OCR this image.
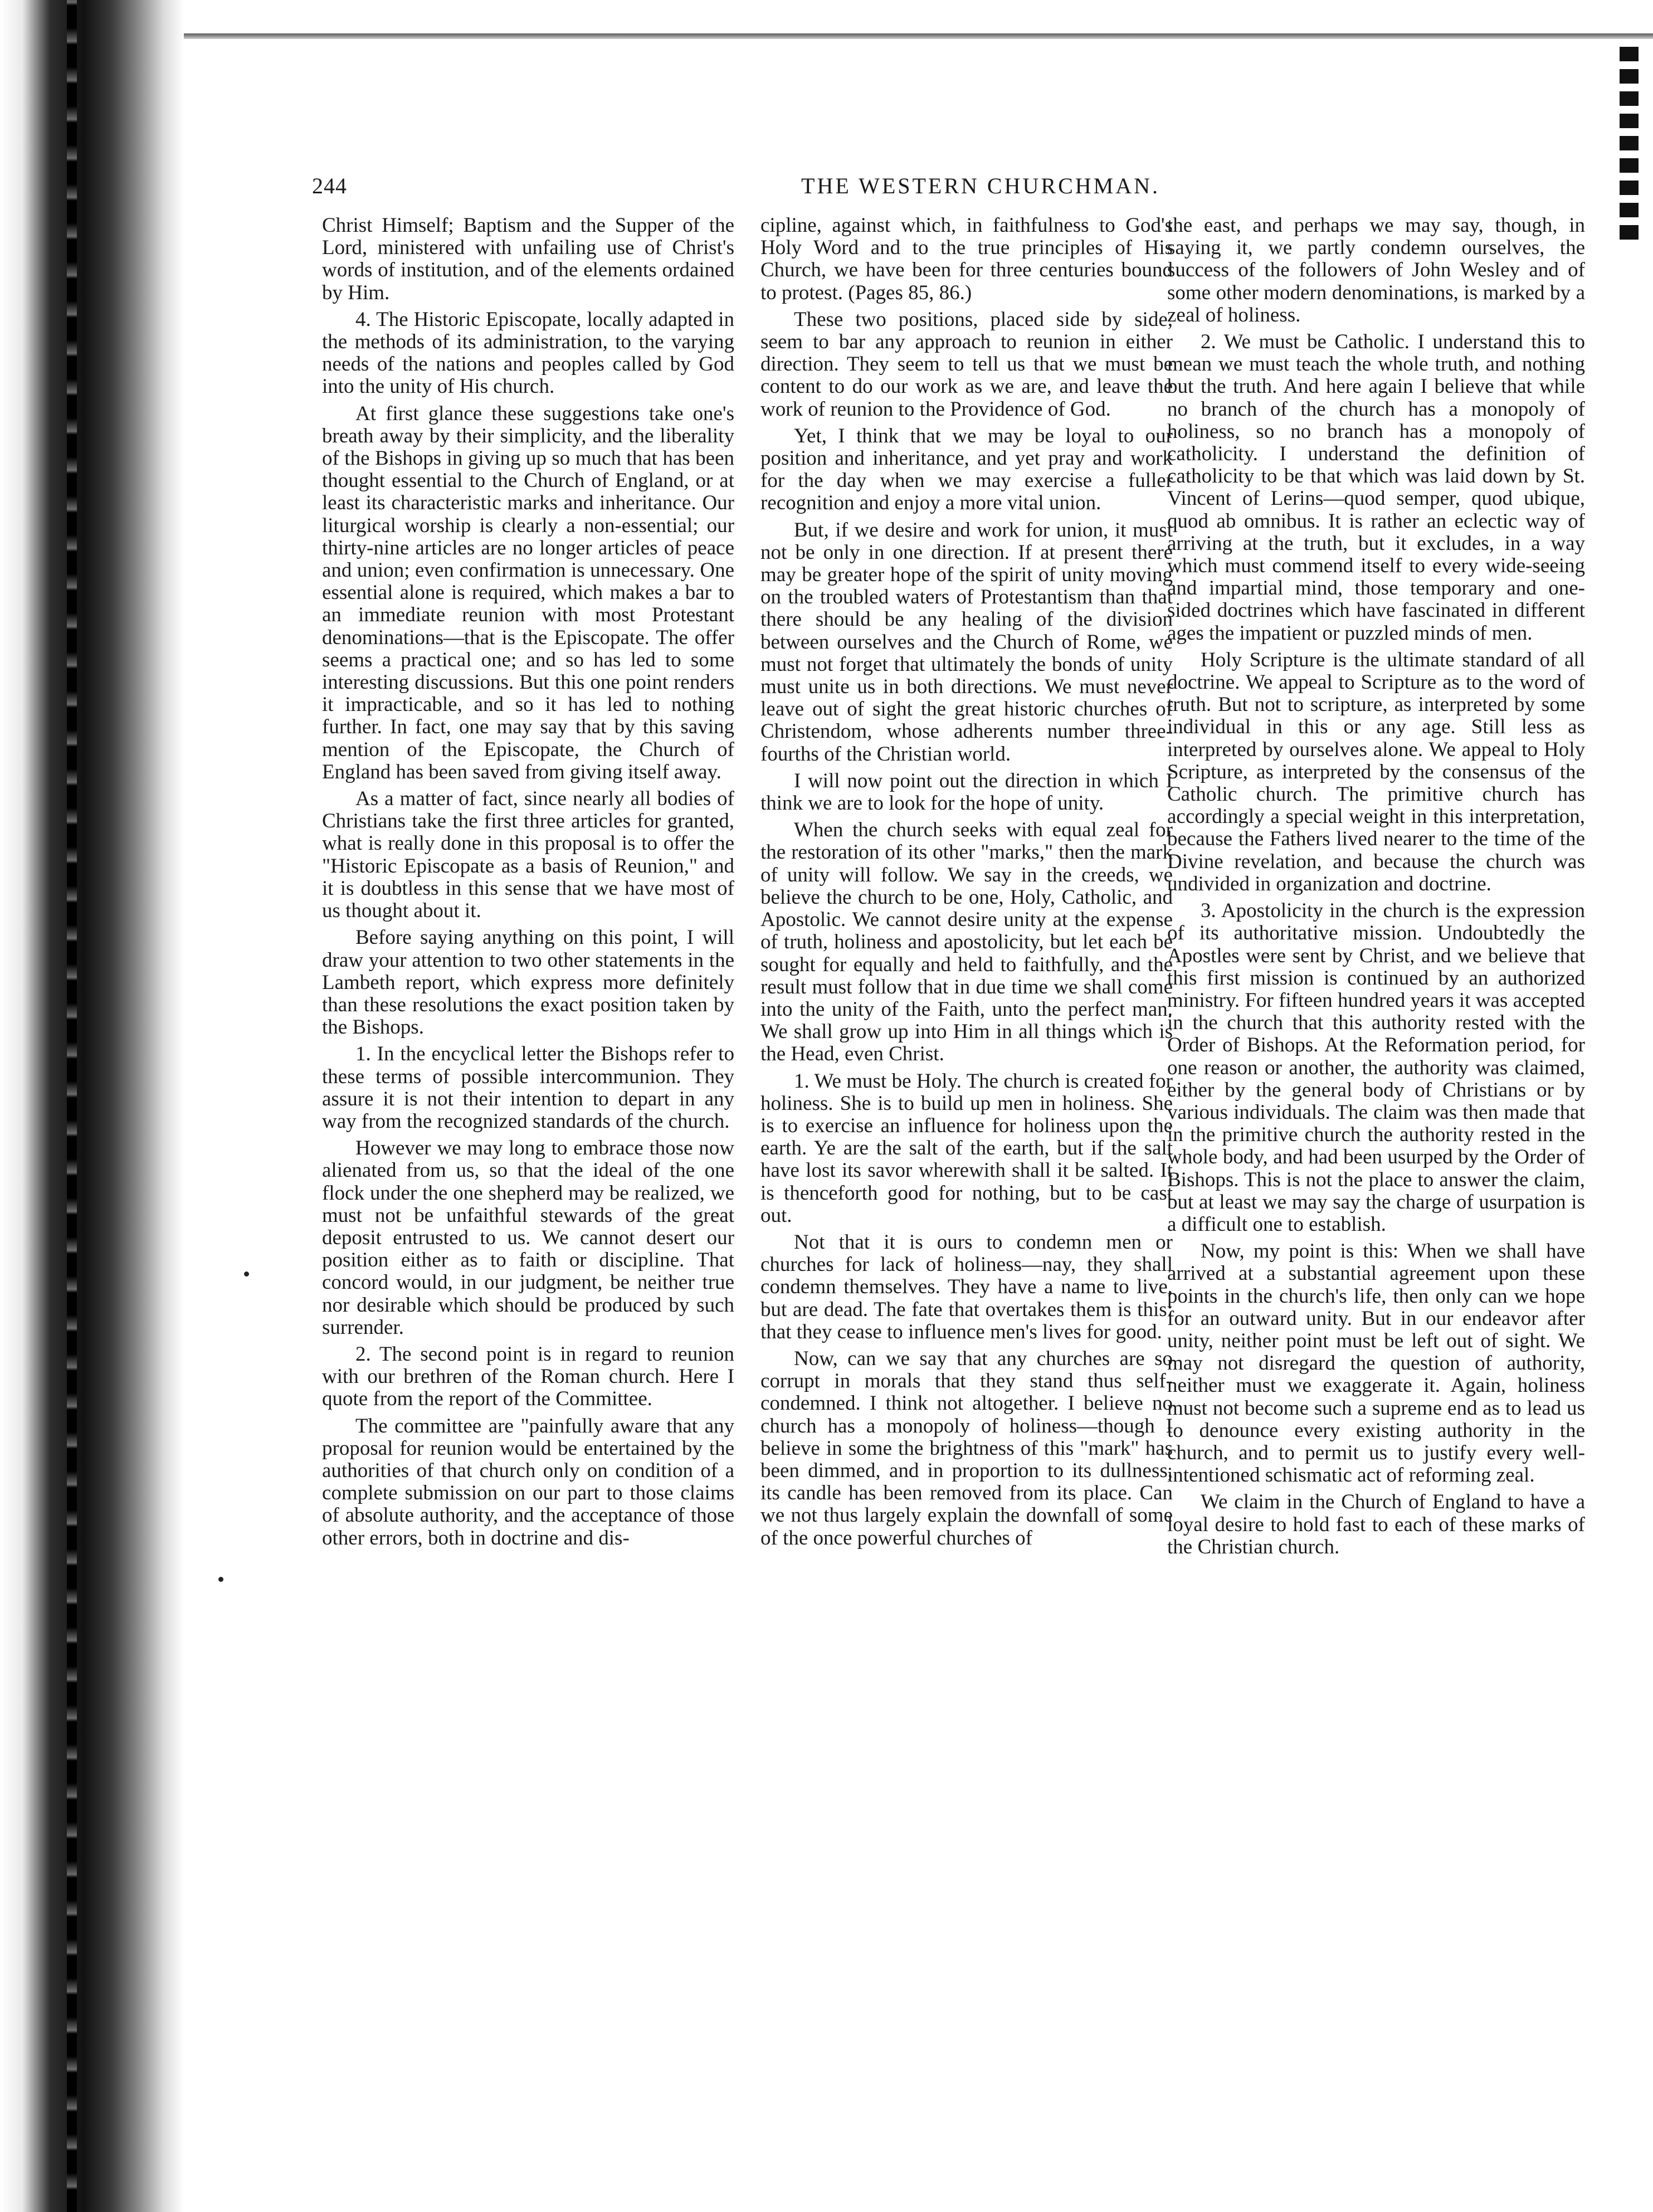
244	THE WESTERN CHURCHMAN.

Christ Himself; Baptism and the Supper of the Lord, ministered with unfailing use of Christ's words of institution, and of the elements ordained by Him.

4. The Historic Episcopate, locally adapted in the methods of its administration, to the varying needs of the nations and peoples called by God into the unity of His church.

At first glance these suggestions take one's breath away by their simplicity, and the liberality of the Bishops in giving up so much that has been thought essential to the Church of England, or at least its characteristic marks and inheritance. Our liturgical worship is clearly a non-essential; our thirty-nine articles are no longer articles of peace and union; even confirmation is unnecessary. One essential alone is required, which makes a bar to an immediate reunion with most Protestant denominations—that is the Episcopate. The offer seems a practical one; and so has led to some interesting discussions. But this one point renders it impracticable, and so it has led to nothing further. In fact, one may say that by this saving mention of the Episcopate, the Church of England has been saved from giving itself away.

As a matter of fact, since nearly all bodies of Christians take the first three articles for granted, what is really done in this proposal is to offer the "Historic Episcopate as a basis of Reunion," and it is doubtless in this sense that we have most of us thought about it.

Before saying anything on this point, I will draw your attention to two other statements in the Lambeth report, which express more definitely than these resolutions the exact position taken by the Bishops.

1. In the encyclical letter the Bishops refer to these terms of possible intercommunion. They assure it is not their intention to depart in any way from the recognized standards of the church.

However we may long to embrace those now alienated from us, so that the ideal of the one flock under the one shepherd may be realized, we must not be unfaithful stewards of the great deposit entrusted to us. We cannot desert our position either as to faith or discipline. That concord would, in our judgment, be neither true nor desirable which should be produced by such surrender.

2. The second point is in regard to reunion with our brethren of the Roman church. Here I quote from the report of the Committee.

The committee are "painfully aware that any proposal for reunion would be entertained by the authorities of that church only on condition of a complete submission on our part to those claims of absolute authority, and the acceptance of those other errors, both in doctrine and dis-

cipline, against which, in faithfulness to God's Holy Word and to the true principles of His Church, we have been for three centuries bound to protest. (Pages 85, 86.)

These two positions, placed side by side, seem to bar any approach to reunion in either direction. They seem to tell us that we must be content to do our work as we are, and leave the work of reunion to the Providence of God.

Yet, I think that we may be loyal to our position and inheritance, and yet pray and work for the day when we may exercise a fuller recognition and enjoy a more vital union.

But, if we desire and work for union, it must not be only in one direction. If at present there may be greater hope of the spirit of unity moving on the troubled waters of Protestantism than that there should be any healing of the division between ourselves and the Church of Rome, we must not forget that ultimately the bonds of unity must unite us in both directions. We must never leave out of sight the great historic churches of Christendom, whose adherents number three-fourths of the Christian world.

I will now point out the direction in which I think we are to look for the hope of unity.

When the church seeks with equal zeal for the restoration of its other "marks," then the mark of unity will follow. We say in the creeds, we believe the church to be one, Holy, Catholic, and Apostolic. We cannot desire unity at the expense of truth, holiness and apostolicity, but let each be sought for equally and held to faithfully, and the result must follow that in due time we shall come into the unity of the Faith, unto the perfect man. We shall grow up into Him in all things which is the Head, even Christ.

1. We must be Holy. The church is created for holiness. She is to build up men in holiness. She is to exercise an influence for holiness upon the earth. Ye are the salt of the earth, but if the salt have lost its savor wherewith shall it be salted. It is thenceforth good for nothing, but to be cast out.

Not that it is ours to condemn men or churches for lack of holiness—nay, they shall condemn themselves. They have a name to live, but are dead. The fate that overtakes them is this: that they cease to influence men's lives for good.

Now, can we say that any churches are so corrupt in morals that they stand thus self-condemned. I think not altogether. I believe no church has a monopoly of holiness—though I believe in some the brightness of this "mark" has been dimmed, and in proportion to its dullness, its candle has been removed from its place. Can we not thus largely explain the downfall of some of the once powerful churches of

the east, and perhaps we may say, though, in saying it, we partly condemn ourselves, the success of the followers of John Wesley and of some other modern denominations, is marked by a zeal of holiness.

2. We must be Catholic. I understand this to mean we must teach the whole truth, and nothing but the truth. And here again I believe that while no branch of the church has a monopoly of holiness, so no branch has a monopoly of catholicity. I understand the definition of catholicity to be that which was laid down by St. Vincent of Lerins—quod semper, quod ubique, quod ab omnibus. It is rather an eclectic way of arriving at the truth, but it excludes, in a way which must commend itself to every wide-seeing and impartial mind, those temporary and one-sided doctrines which have fascinated in different ages the impatient or puzzled minds of men.

Holy Scripture is the ultimate standard of all doctrine. We appeal to Scripture as to the word of truth. But not to scripture, as interpreted by some individual in this or any age. Still less as interpreted by ourselves alone. We appeal to Holy Scripture, as interpreted by the consensus of the Catholic church. The primitive church has accordingly a special weight in this interpretation, because the Fathers lived nearer to the time of the Divine revelation, and because the church was undivided in organization and doctrine.

3. Apostolicity in the church is the expression of its authoritative mission. Undoubtedly the Apostles were sent by Christ, and we believe that this first mission is continued by an authorized ministry. For fifteen hundred years it was accepted in the church that this authority rested with the Order of Bishops. At the Reformation period, for one reason or another, the authority was claimed, either by the general body of Christians or by various individuals. The claim was then made that in the primitive church the authority rested in the whole body, and had been usurped by the Order of Bishops. This is not the place to answer the claim, but at least we may say the charge of usurpation is a difficult one to establish.

Now, my point is this: When we shall have arrived at a substantial agreement upon these points in the church's life, then only can we hope for an outward unity. But in our endeavor after unity, neither point must be left out of sight. We may not disregard the question of authority, neither must we exaggerate it. Again, holiness must not become such a supreme end as to lead us to denounce every existing authority in the church, and to permit us to justify every well-intentioned schismatic act of reforming zeal.

We claim in the Church of England to have a loyal desire to hold fast to each of these marks of the Christian church.
